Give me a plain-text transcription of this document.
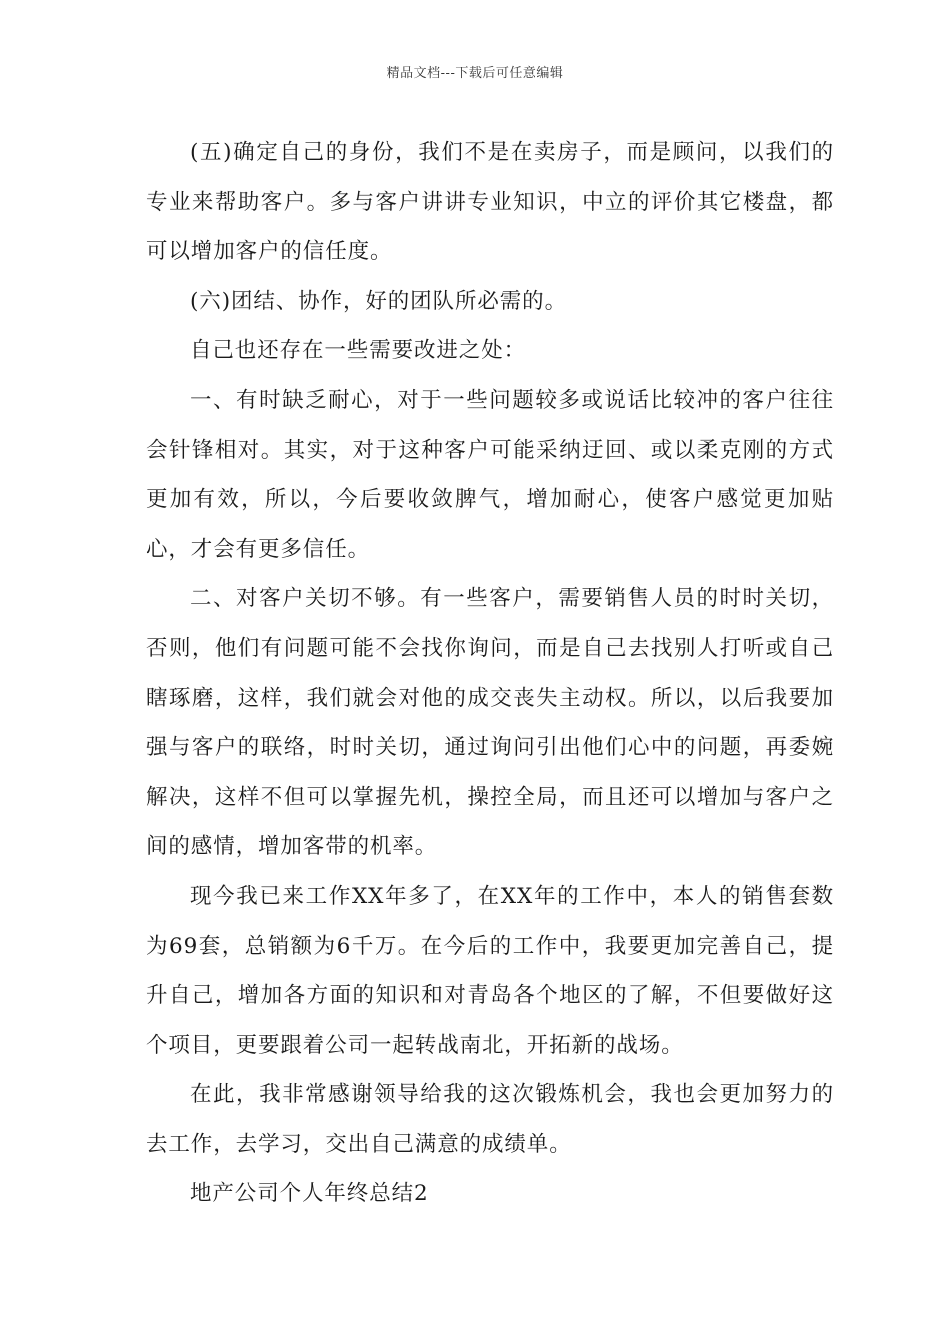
精品文档---下载后可任意编辑

(五)确定自己的身份，我们不是在卖房子，而是顾问，以我们的专业来帮助客户。多与客户讲讲专业知识，中立的评价其它楼盘，都可以增加客户的信任度。

(六)团结、协作，好的团队所必需的。

自己也还存在一些需要改进之处：

一、有时缺乏耐心，对于一些问题较多或说话比较冲的客户往往会针锋相对。其实，对于这种客户可能采纳迂回、或以柔克刚的方式更加有效，所以，今后要收敛脾气，增加耐心，使客户感觉更加贴心，才会有更多信任。

二、对客户关切不够。有一些客户，需要销售人员的时时关切，否则，他们有问题可能不会找你询问，而是自己去找别人打听或自己瞎琢磨，这样，我们就会对他的成交丧失主动权。所以，以后我要加强与客户的联络，时时关切，通过询问引出他们心中的问题，再委婉解决，这样不但可以掌握先机，操控全局，而且还可以增加与客户之间的感情，增加客带的机率。

现今我已来工作XX年多了，在XX年的工作中，本人的销售套数为69套，总销额为6千万。在今后的工作中，我要更加完善自己，提升自己，增加各方面的知识和对青岛各个地区的了解，不但要做好这个项目，更要跟着公司一起转战南北，开拓新的战场。

在此，我非常感谢领导给我的这次锻炼机会，我也会更加努力的去工作，去学习，交出自己满意的成绩单。

地产公司个人年终总结2
